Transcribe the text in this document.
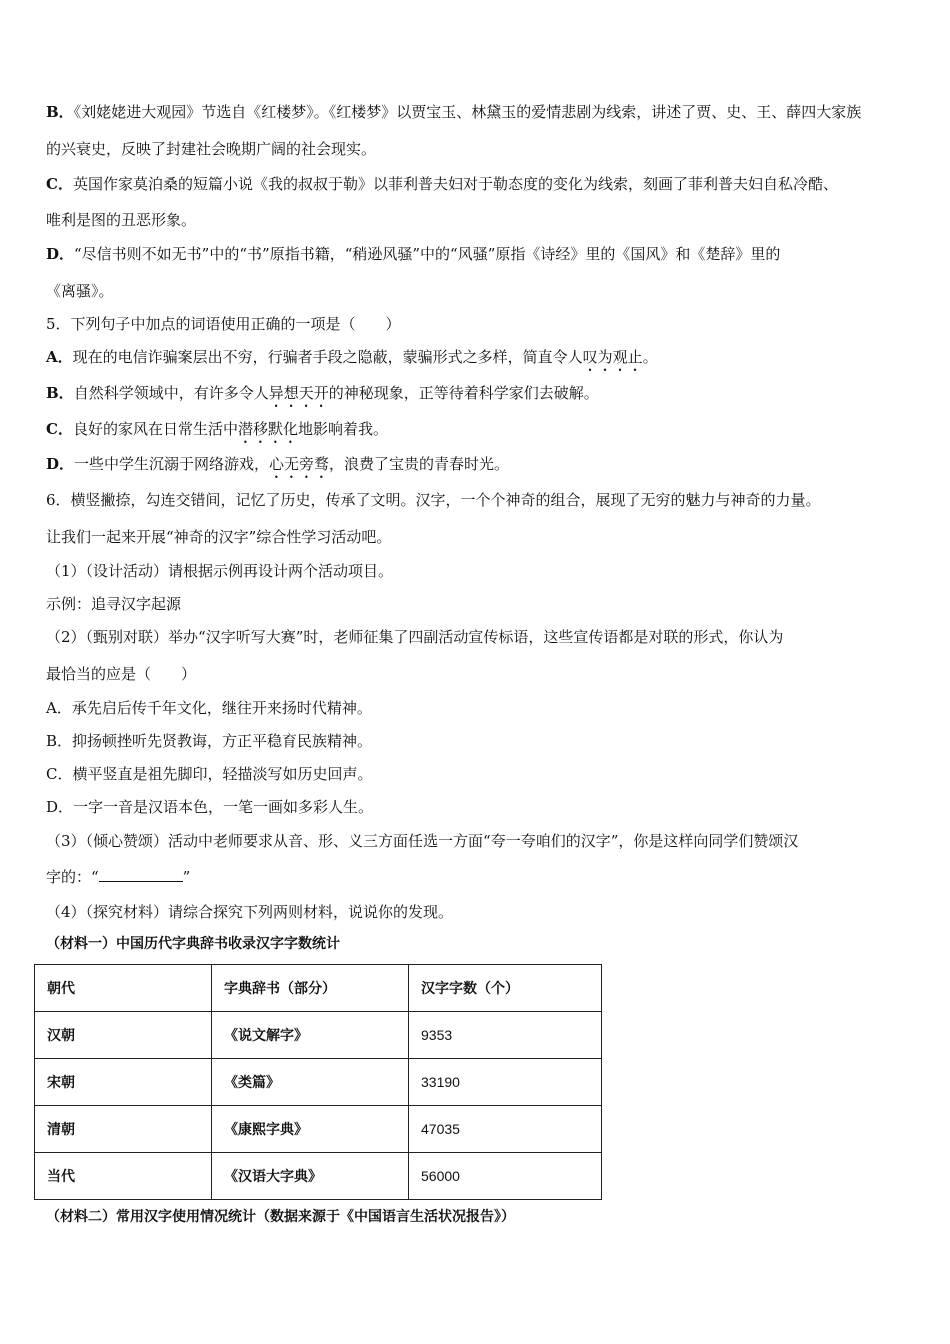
B．《刘姥姥进大观园》节选自《红楼梦》。《红楼梦》以贾宝玉、林黛玉的爱情悲剧为线索，讲述了贾、史、王、薛四大家族
的兴衰史，反映了封建社会晚期广阔的社会现实。
C．英国作家莫泊桑的短篇小说《我的叔叔于勒》以菲利普夫妇对于勒态度的变化为线索，刻画了菲利普夫妇自私冷酷、
唯利是图的丑恶形象。
D．“尽信书则不如无书”中的“书”原指书籍，“稍逊风骚”中的“风骚”原指《诗经》里的《国风》和《楚辞》里的
《离骚》。
5．下列句子中加点的词语使用正确的一项是（　　）
A．现在的电信诈骗案层出不穷，行骗者手段之隐蔽，蒙骗形式之多样，简直令人叹为观止。
B．自然科学领域中，有许多令人异想天开的神秘现象，正等待着科学家们去破解。
C．良好的家风在日常生活中潜移默化地影响着我。
D．一些中学生沉溺于网络游戏，心无旁骛，浪费了宝贵的青春时光。
6．横竖撇捺，勾连交错间，记忆了历史，传承了文明。汉字，一个个神奇的组合，展现了无穷的魅力与神奇的力量。
让我们一起来开展“神奇的汉字”综合性学习活动吧。
（1）（设计活动）请根据示例再设计两个活动项目。
示例：追寻汉字起源
（2）（甄别对联）举办“汉字听写大赛”时，老师征集了四副活动宣传标语，这些宣传语都是对联的形式，你认为
最恰当的应是（　　）
A．承先启后传千年文化，继往开来扬时代精神。
B．抑扬顿挫听先贤教诲，方正平稳育民族精神。
C．横平竖直是祖先脚印，轻描淡写如历史回声。
D．一字一音是汉语本色，一笔一画如多彩人生。
（3）（倾心赞颂）活动中老师要求从音、形、义三方面任选一方面“夸一夸咱们的汉字”，你是这样向同学们赞颂汉
字的：“	”
（4）（探究材料）请综合探究下列两则材料，说说你的发现。
（材料一）中国历代字典辞书收录汉字字数统计
朝代	字典辞书（部分）	汉字字数（个）
汉朝	《说文解字》	9353
宋朝	《类篇》	33190
清朝	《康熙字典》	47035
当代	《汉语大字典》	56000
（材料二）常用汉字使用情况统计（数据来源于《中国语言生活状况报告》）
